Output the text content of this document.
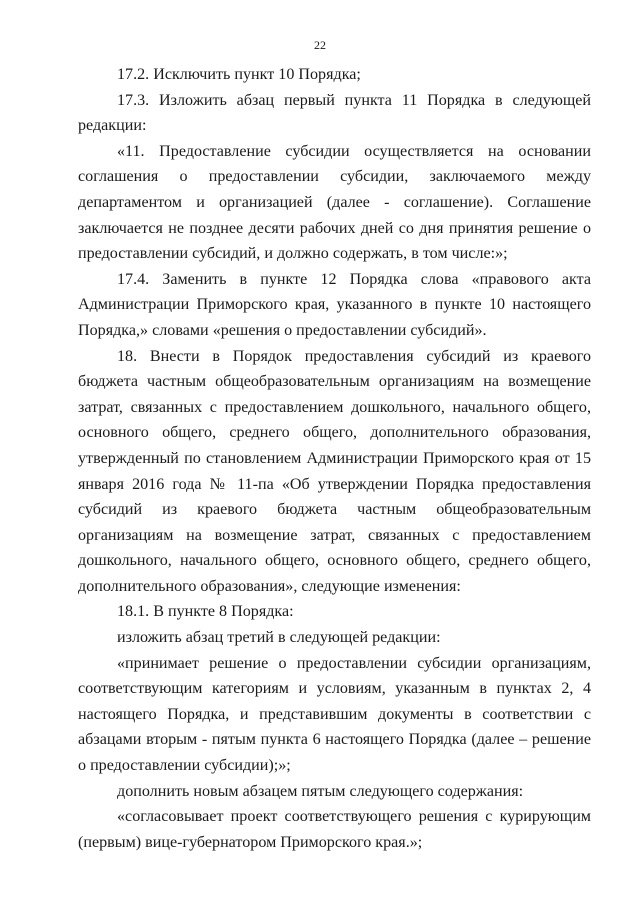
22

17.2. Исключить пункт 10 Порядка;

17.3. Изложить абзац первый пункта 11 Порядка в следующей редакции:

«11. Предоставление субсидии осуществляется на основании соглашения о предоставлении субсидии, заключаемого между департаментом и организацией (далее - соглашение). Соглашение заключается не позднее десяти рабочих дней со дня принятия решение о предоставлении субсидий, и должно содержать, в том числе:»;

17.4. Заменить в пункте 12 Порядка слова «правового акта Администрации Приморского края, указанного в пункте 10 настоящего Порядка,» словами «решения о предоставлении субсидий».

18. Внести в Порядок предоставления субсидий из краевого бюджета частным общеобразовательным организациям на возмещение затрат, связанных с предоставлением дошкольного, начального общего, основного общего, среднего общего, дополнительного образования, утвержденный по становлением Администрации Приморского края от 15 января 2016 года № 11-па «Об утверждении Порядка предоставления субсидий из краевого бюджета частным общеобразовательным организациям на возмещение затрат, связанных с предоставлением дошкольного, начального общего, основного общего, среднего общего, дополнительного образования», следующие изменения:

18.1. В пункте 8 Порядка:

изложить абзац третий в следующей редакции:

«принимает решение о предоставлении субсидии организациям, соответствующим категориям и условиям, указанным в пунктах 2, 4 настоящего Порядка, и представившим документы в соответствии с абзацами вторым - пятым пункта 6 настоящего Порядка (далее – решение о предоставлении субсидии);»;

дополнить новым абзацем пятым следующего содержания:

«согласовывает проект соответствующего решения с курирующим (первым) вице-губернатором Приморского края.»;
